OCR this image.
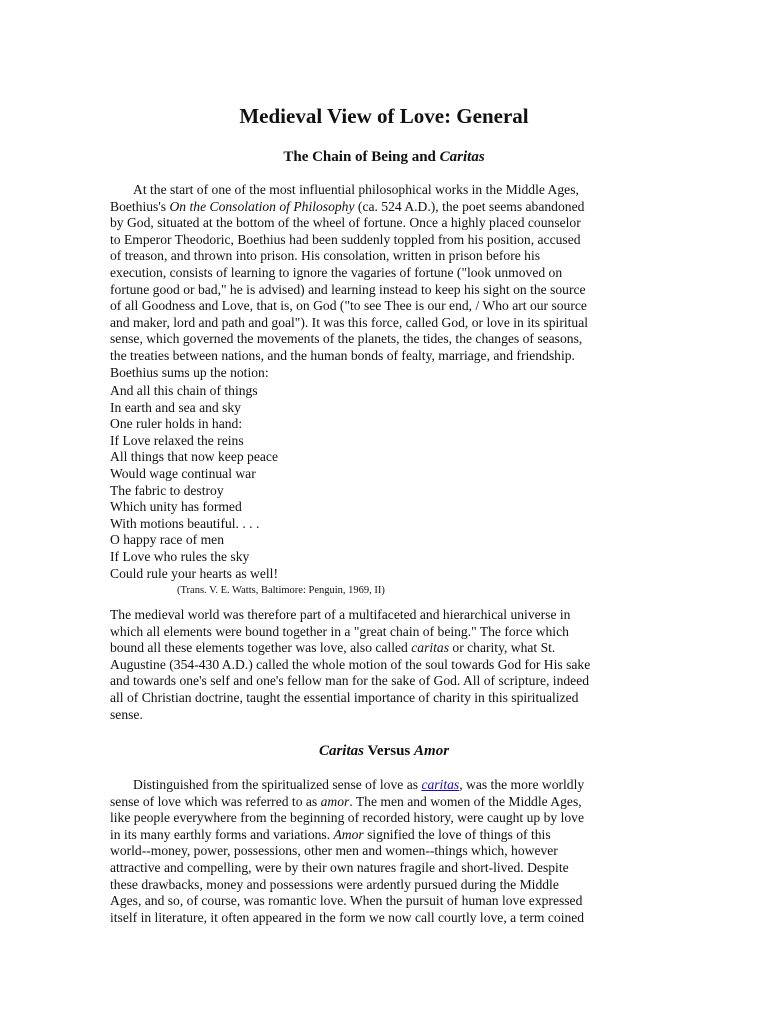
Medieval View of Love: General
The Chain of Being and Caritas

At the start of one of the most influential philosophical works in the Middle Ages,
Boethius's On the Consolation of Philosophy (ca. 524 A.D.), the poet seems abandoned
by God, situated at the bottom of the wheel of fortune. Once a highly placed counselor
to Emperor Theodoric, Boethius had been suddenly toppled from his position, accused
of treason, and thrown into prison. His consolation, written in prison before his
execution, consists of learning to ignore the vagaries of fortune ("look unmoved on
fortune good or bad," he is advised) and learning instead to keep his sight on the source
of all Goodness and Love, that is, on God ("to see Thee is our end, / Who art our source
and maker, lord and path and goal"). It was this force, called God, or love in its spiritual
sense, which governed the movements of the planets, the tides, the changes of seasons,
the treaties between nations, and the human bonds of fealty, marriage, and friendship.
Boethius sums up the notion:

And all this chain of things
In earth and sea and sky
One ruler holds in hand:
If Love relaxed the reins
All things that now keep peace
Would wage continual war
The fabric to destroy
Which unity has formed
With motions beautiful. . . .
O happy race of men
If Love who rules the sky
Could rule your hearts as well!

(Trans. V. E. Watts, Baltimore: Penguin, 1969, II)

The medieval world was therefore part of a multifaceted and hierarchical universe in
which all elements were bound together in a "great chain of being." The force which
bound all these elements together was love, also called caritas or charity, what St.
Augustine (354-430 A.D.) called the whole motion of the soul towards God for His sake
and towards one's self and one's fellow man for the sake of God. All of scripture, indeed
all of Christian doctrine, taught the essential importance of charity in this spiritualized
sense.

Caritas Versus Amor

Distinguished from the spiritualized sense of love as caritas, was the more worldly
sense of love which was referred to as amor. The men and women of the Middle Ages,
like people everywhere from the beginning of recorded history, were caught up by love
in its many earthly forms and variations. Amor signified the love of things of this
world--money, power, possessions, other men and women--things which, however
attractive and compelling, were by their own natures fragile and short-lived. Despite
these drawbacks, money and possessions were ardently pursued during the Middle
Ages, and so, of course, was romantic love. When the pursuit of human love expressed
itself in literature, it often appeared in the form we now call courtly love, a term coined
